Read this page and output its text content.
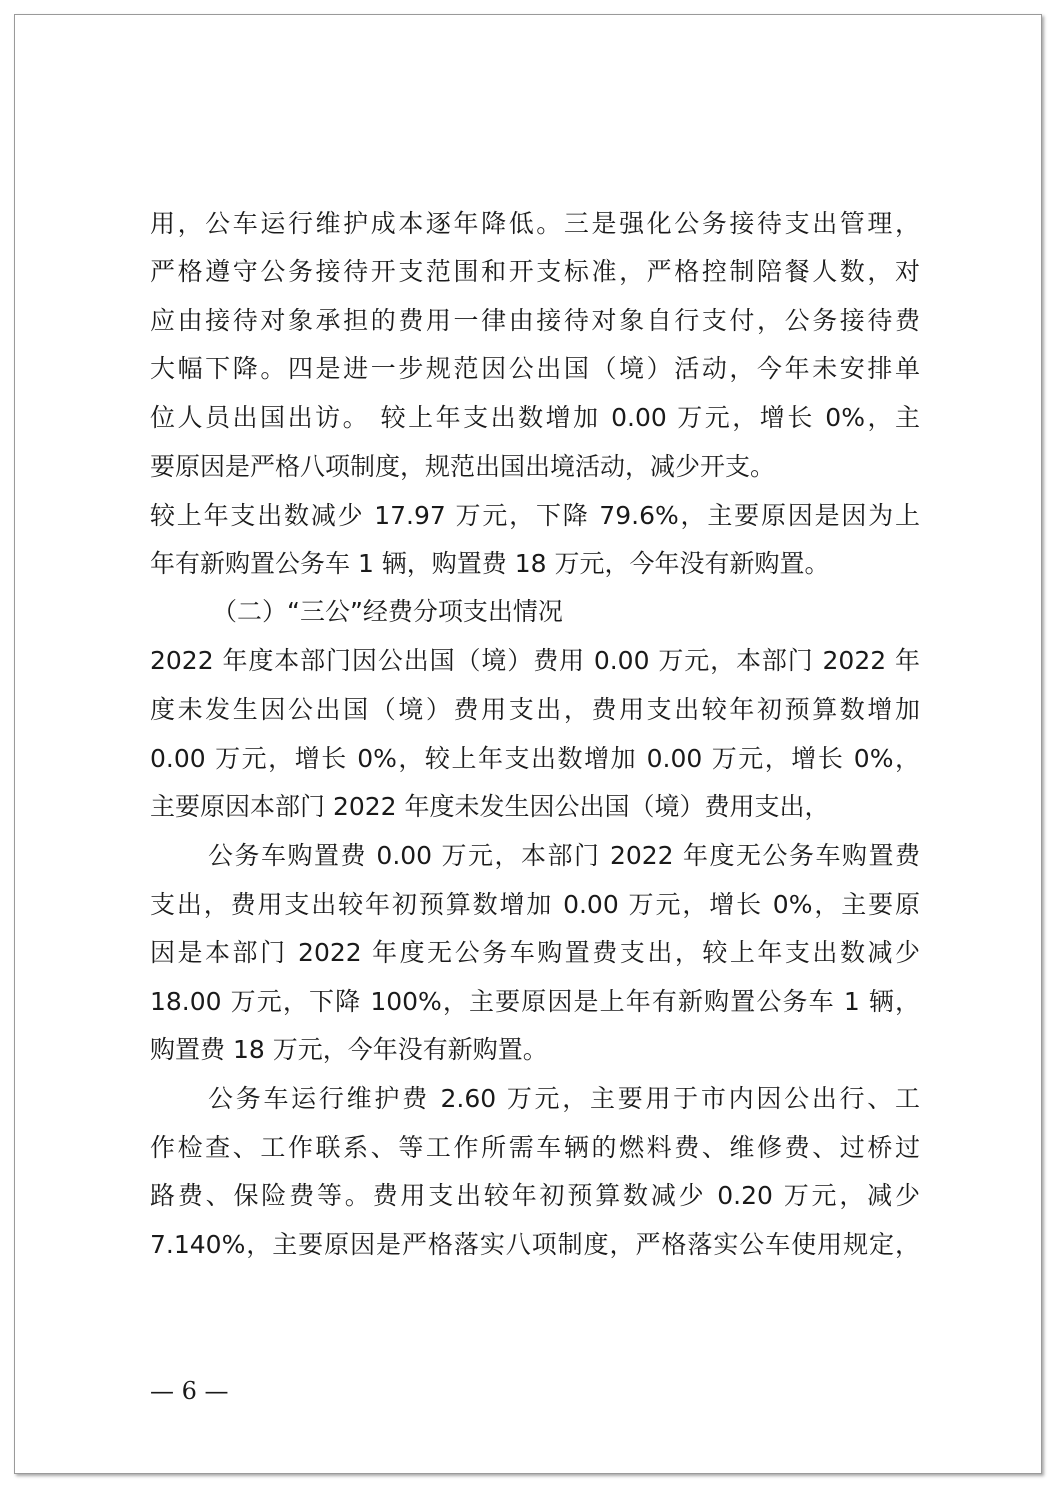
用，公车运行维护成本逐年降低。三是强化公务接待支出管理，
严格遵守公务接待开支范围和开支标准，严格控制陪餐人数，对
应由接待对象承担的费用一律由接待对象自行支付，公务接待费
大幅下降。四是进一步规范因公出国（境）活动，今年未安排单
位人员出国出访。 较上年支出数增加 0.00 万元，增长 0%，主
要原因是严格八项制度，规范出国出境活动，减少开支。
较上年支出数减少 17.97 万元，下降 79.6%，主要原因是因为上
年有新购置公务车 1 辆，购置费 18 万元，今年没有新购置。
（二）“三公”经费分项支出情况
2022 年度本部门因公出国（境）费用 0.00 万元，本部门 2022 年
度未发生因公出国（境）费用支出，费用支出较年初预算数增加
0.00 万元，增长 0%，较上年支出数增加 0.00 万元，增长 0%，
主要原因本部门 2022 年度未发生因公出国（境）费用支出，
公务车购置费 0.00 万元，本部门 2022 年度无公务车购置费
支出，费用支出较年初预算数增加 0.00 万元，增长 0%，主要原
因是本部门 2022 年度无公务车购置费支出，较上年支出数减少
18.00 万元，下降 100%，主要原因是上年有新购置公务车 1 辆，
购置费 18 万元，今年没有新购置。
公务车运行维护费 2.60 万元，主要用于市内因公出行、工
作检查、工作联系、等工作所需车辆的燃料费、维修费、过桥过
路费、保险费等。费用支出较年初预算数减少 0.20 万元，减少
7.140%，主要原因是严格落实八项制度，严格落实公车使用规定，
— 6 —
